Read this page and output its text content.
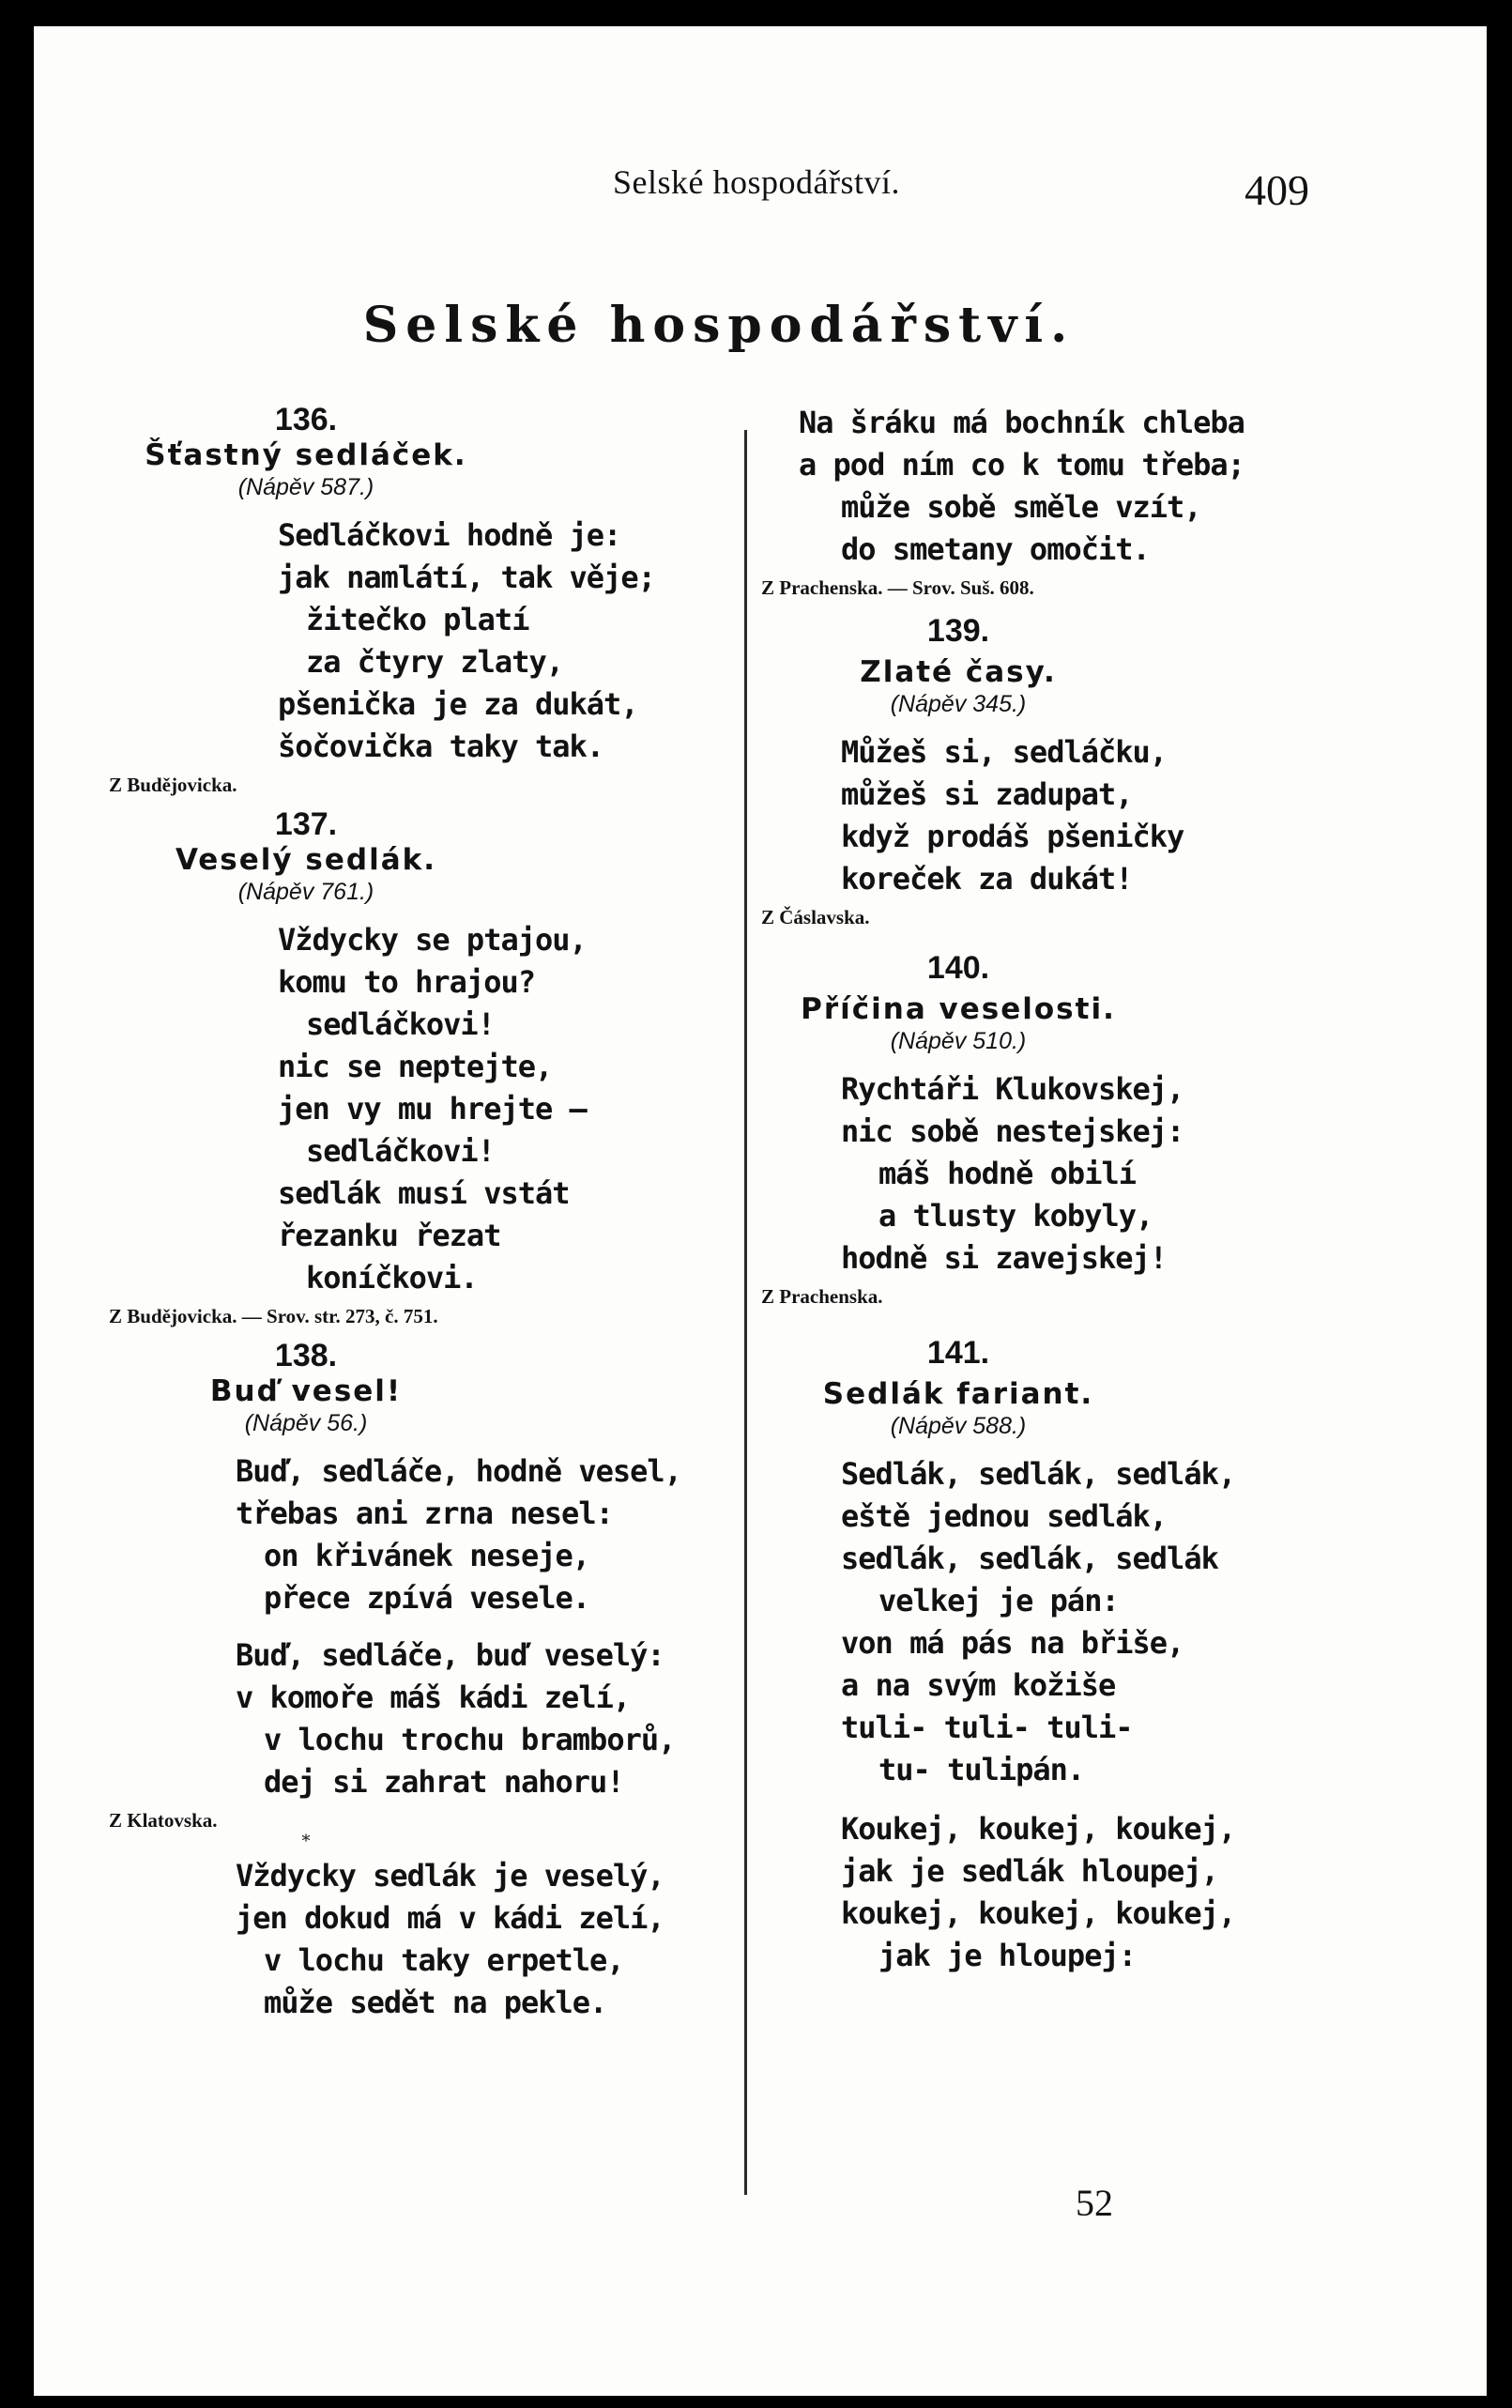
Selské hospodářství.	409
Selské hospodářství.
136.
Šťastný sedláček.
(Nápěv 587.)
Sedláčkovi hodně je:
jak namlátí, tak věje;
žitečko platí
za čtyry zlaty,
pšenička je za dukát,
šočovička taky tak.
Z Budějovicka.
137.
Veselý sedlák.
(Nápěv 761.)
Vždycky se ptajou,
komu to hrajou?
sedláčkovi!
nic se neptejte,
jen vy mu hrejte —
sedláčkovi!
sedlák musí vstát
řezanku řezat
koníčkovi.
Z Budějovicka. — Srov. str. 273, č. 751.
138.
Buď vesel!
(Nápěv 56.)
Buď, sedláče, hodně vesel,
třebas ani zrna nesel:
on křivánek neseje,
přece zpívá vesele.
Buď, sedláče, buď veselý:
v komoře máš kádi zelí,
v lochu trochu bramborů,
dej si zahrat nahoru!
Z Klatovska.
*
Vždycky sedlák je veselý,
jen dokud má v kádi zelí,
v lochu taky erpetle,
může sedět na pekle.
Na šráku má bochník chleba
a pod ním co k tomu třeba;
může sobě směle vzít,
do smetany omočit.
Z Prachenska. — Srov. Suš. 608.
139.
Zlaté časy.
(Nápěv 345.)
Můžeš si, sedláčku,
můžeš si zadupat,
když prodáš pšeničky
koreček za dukát!
Z Čáslavska.
140.
Příčina veselosti.
(Nápěv 510.)
Rychtáři Klukovskej,
nic sobě nestejskej:
máš hodně obilí
a tlusty kobyly,
hodně si zavejskej!
Z Prachenska.
141.
Sedlák fariant.
(Nápěv 588.)
Sedlák, sedlák, sedlák,
eště jednou sedlák,
sedlák, sedlák, sedlák
velkej je pán:
von má pás na břiše,
a na svým kožiše
tuli- tuli- tuli-
tu- tulipán.
Koukej, koukej, koukej,
jak je sedlák hloupej,
koukej, koukej, koukej,
jak je hloupej:
52
